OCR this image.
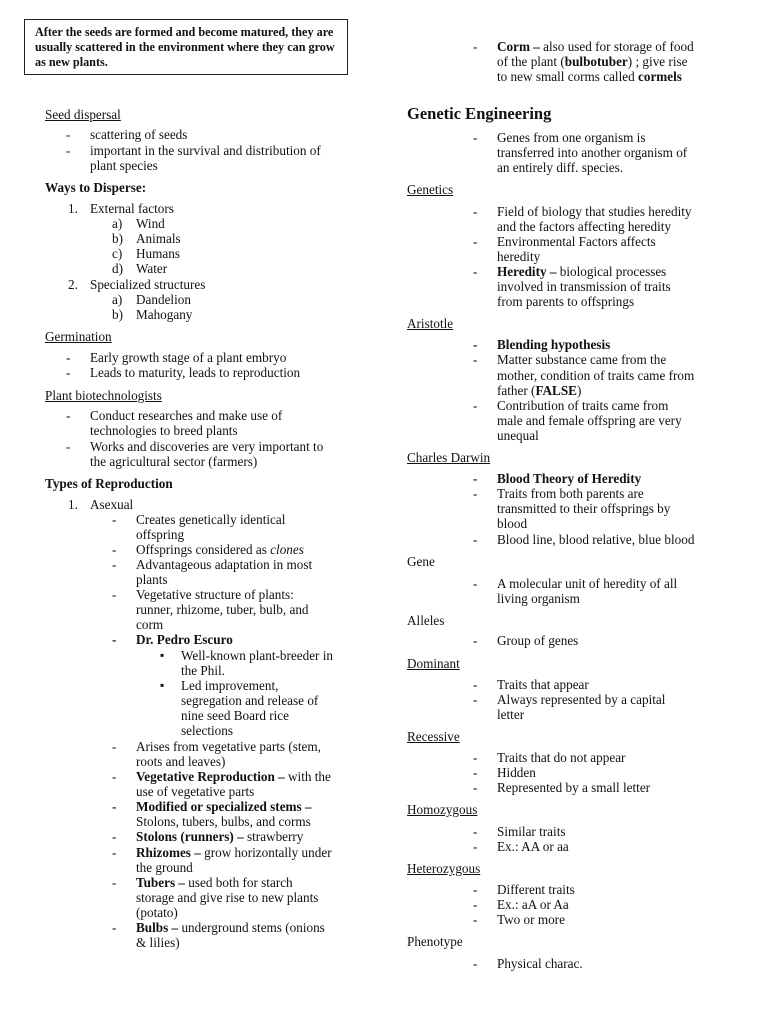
After the seeds are formed and become matured, they are usually scattered in the environment where they can grow as new plants.
Seed dispersal
- scattering of seeds
- important in the survival and distribution of
plant species
Ways to Disperse:
1. External factors
a) Wind
b) Animals
c) Humans
d) Water
2. Specialized structures
a) Dandelion
b) Mahogany
Germination
- Early growth stage of a plant embryo
- Leads to maturity, leads to reproduction
Plant biotechnologists
- Conduct researches and make use of
technologies to breed plants
- Works and discoveries are very important to
the agricultural sector (farmers)
Types of Reproduction
1. Asexual
- Creates genetically identical
offspring
- Offsprings considered as clones
- Advantageous adaptation in most
plants
- Vegetative structure of plants:
runner, rhizome, tuber, bulb, and
corm
- Dr. Pedro Escuro
▪ Well-known plant-breeder in
the Phil.
▪ Led improvement,
segregation and release of
nine seed Board rice
selections
- Arises from vegetative parts (stem,
roots and leaves)
- Vegetative Reproduction – with the
use of vegetative parts
- Modified or specialized stems –
Stolons, tubers, bulbs, and corms
- Stolons (runners) – strawberry
- Rhizomes – grow horizontally under
the ground
- Tubers – used both for starch
storage and give rise to new plants
(potato)
- Bulbs – underground stems (onions
& lilies)
- Corm – also used for storage of food
of the plant (bulbotuber) ; give rise
to new small corms called cormels
Genetic Engineering
- Genes from one organism is
transferred into another organism of
an entirely diff. species.
Genetics
- Field of biology that studies heredity
and the factors affecting heredity
- Environmental Factors affects
heredity
- Heredity – biological processes
involved in transmission of traits
from parents to offsprings
Aristotle
- Blending hypothesis
- Matter substance came from the
mother, condition of traits came from
father (FALSE)
- Contribution of traits came from
male and female offspring are very
unequal
Charles Darwin
- Blood Theory of Heredity
- Traits from both parents are
transmitted to their offsprings by
blood
- Blood line, blood relative, blue blood
Gene
- A molecular unit of heredity of all
living organism
Alleles
- Group of genes
Dominant
- Traits that appear
- Always represented by a capital
letter
Recessive
- Traits that do not appear
- Hidden
- Represented by a small letter
Homozygous
- Similar traits
- Ex.: AA or aa
Heterozygous
- Different traits
- Ex.: aA or Aa
- Two or more
Phenotype
- Physical charac.
